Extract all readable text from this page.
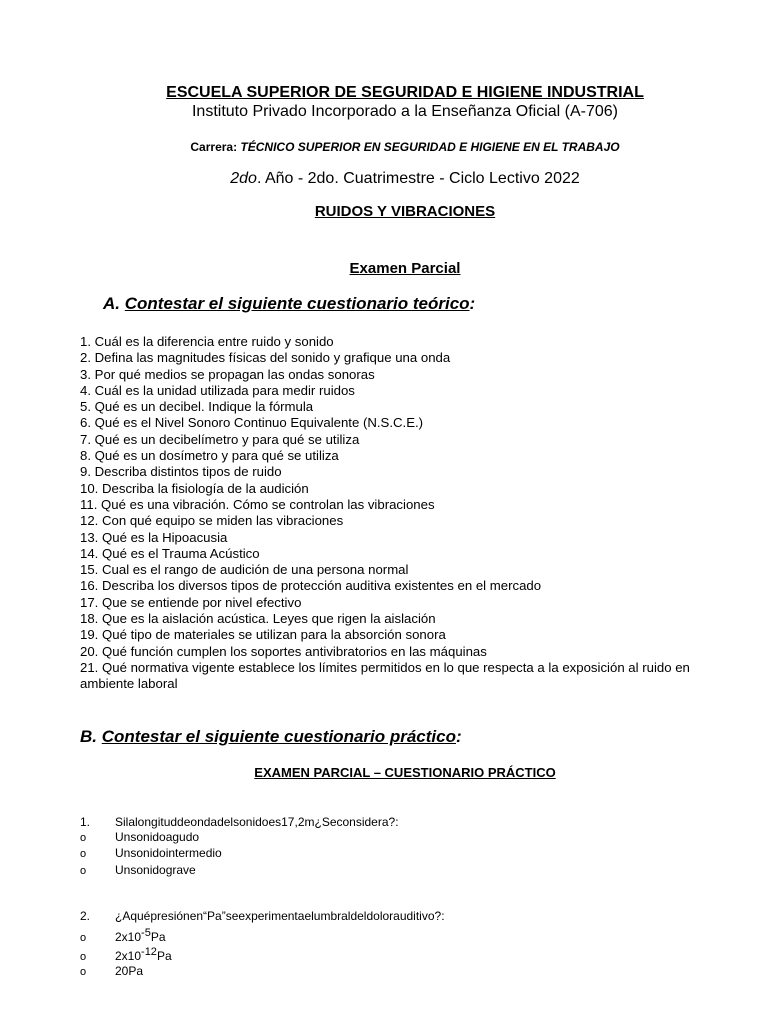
ESCUELA SUPERIOR DE SEGURIDAD E HIGIENE INDUSTRIAL
Instituto Privado Incorporado a la Enseñanza Oficial (A-706)
Carrera: TÉCNICO SUPERIOR EN SEGURIDAD E HIGIENE EN EL TRABAJO
2do. Año - 2do. Cuatrimestre - Ciclo Lectivo 2022
RUIDOS Y VIBRACIONES
Examen Parcial
A. Contestar el siguiente cuestionario teórico:
1. Cuál es la diferencia entre ruido y sonido
2. Defina las magnitudes físicas del sonido y grafique una onda
3. Por qué medios se propagan las ondas sonoras
4. Cuál es la unidad utilizada para medir ruidos
5. Qué es un decibel. Indique la fórmula
6. Qué es el Nivel Sonoro Continuo Equivalente (N.S.C.E.)
7. Qué es un decibelímetro y para qué se utiliza
8. Qué es un dosímetro y para qué se utiliza
9. Describa distintos tipos de ruido
10. Describa la fisiología de la audición
11. Qué es una vibración. Cómo se controlan las vibraciones
12. Con qué equipo se miden las vibraciones
13. Qué es la Hipoacusia
14. Qué es el Trauma Acústico
15. Cual es el rango de audición de una persona normal
16. Describa los diversos tipos de protección auditiva existentes en el mercado
17. Que se entiende por nivel efectivo
18. Que es la aislación acústica. Leyes que rigen la aislación
19. Qué tipo de materiales se utilizan para la absorción sonora
20. Qué función cumplen los soportes antivibratorios en las máquinas
21. Qué normativa vigente establece los límites permitidos en lo que respecta a la exposición al ruido en ambiente laboral
B. Contestar el siguiente cuestionario práctico:
EXAMEN PARCIAL – CUESTIONARIO PRÁCTICO
1. Silalongituddeondadelsonidoes17,2m¿Seconsidera?:
o Unsonidoagudo
o Unsonidointermedio
o Unsonidograve
2. ¿Aquépresiónen“Pa”seexperimentaelumbraldeldolorauditivo?:
o $2x10^{-5}Pa$
o $2x10^{-12}Pa$
o 20Pa
